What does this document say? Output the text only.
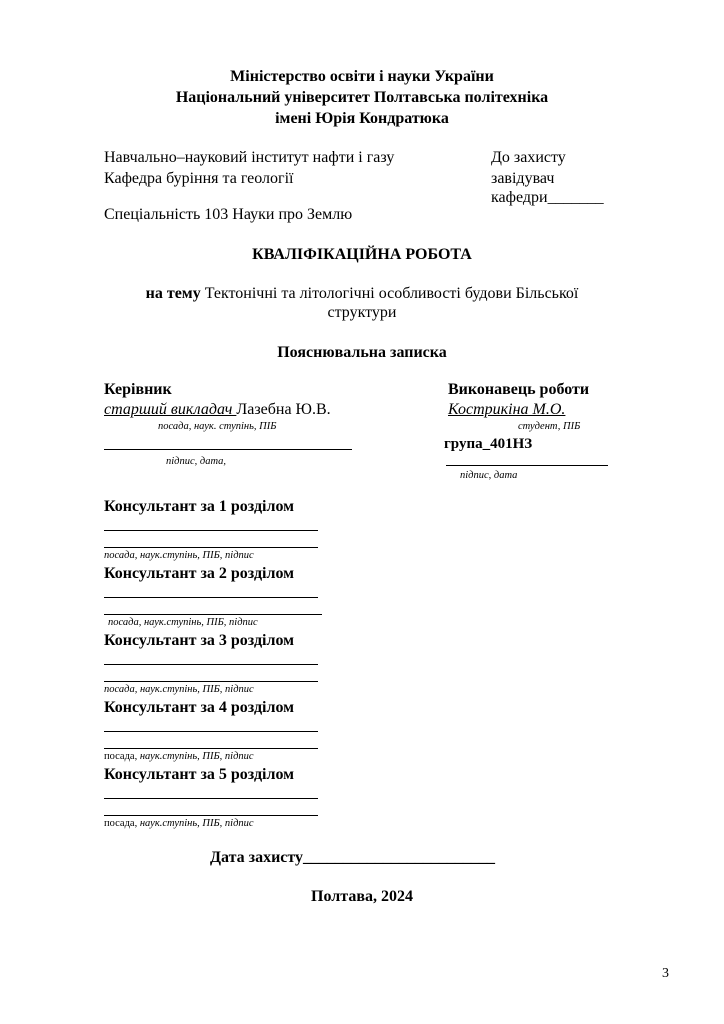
Міністерство освіти і науки України
Національний університет Полтавська політехніка
імені Юрія Кондратюка
Навчально–науковий інститут нафти і газу
Кафедра буріння та геології
Спеціальність 103 Науки про Землю
До захисту
завідувач
кафедри_______
КВАЛІФІКАЦІЙНА РОБОТА
на тему Тектонічні та літологічні особливості будови Більської
структури
Пояснювальна записка
Керівник
старший викладач Лазебна Ю.В.
посада, наук. ступінь, ПІБ
підпис, дата,
Виконавець роботи
Кострикіна М.О.
студент, ПІБ
група_401НЗ
підпис, дата
Консультант за 1 розділом
посада, наук.ступінь, ПІБ, підпис
Консультант за 2 розділом
посада, наук.ступінь, ПІБ, підпис
Консультант за 3 розділом
посада, наук.ступінь, ПІБ, підпис
Консультант за 4 розділом
посада, наук.ступінь, ПІБ, підпис
Консультант за 5 розділом
посада, наук.ступінь, ПІБ, підпис
Дата захисту________________________
Полтава, 2024
3
